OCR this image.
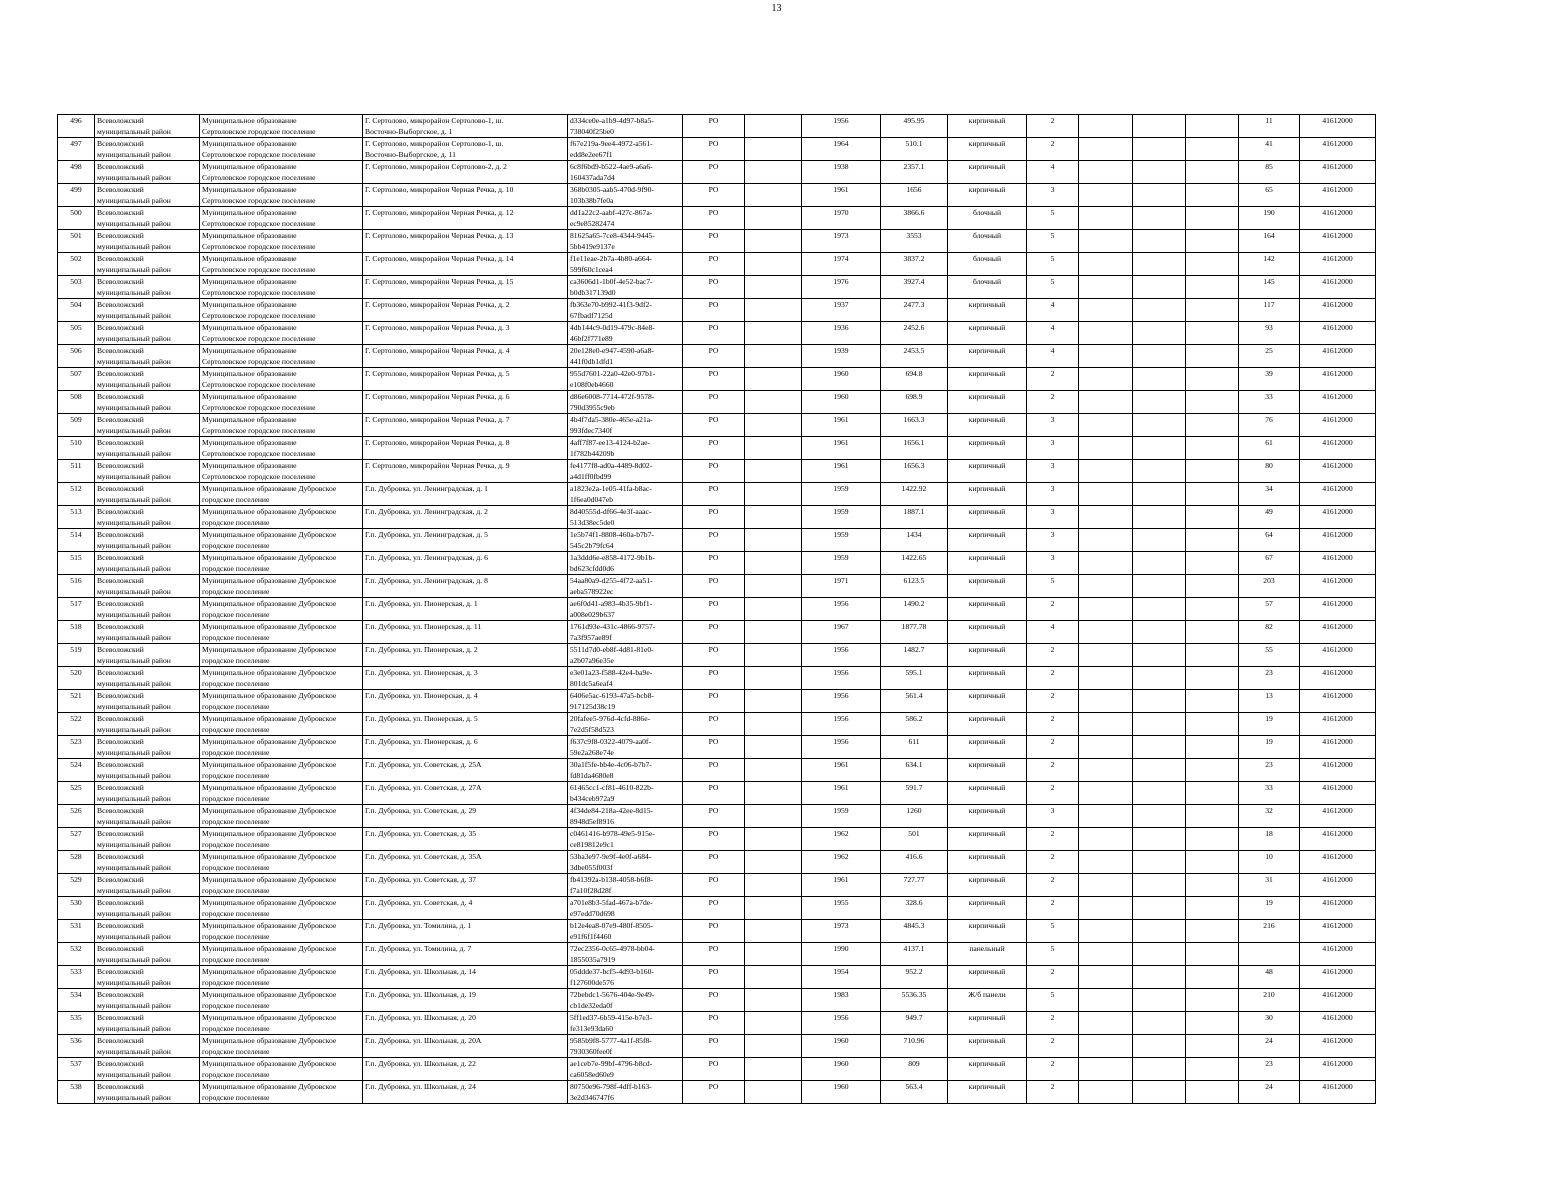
13
496	Всеволожский
муниципальный район	Муниципальное образование
Сертоловское городское поселение	Г. Сертолово, микрорайон Сертолово-1, ш.
Восточно-Выборгское, д. 1	d334ce0e-a1b9-4d97-b8a5-
738040f25be0	РО		1956	495.95	кирпичный	2				11	41612000
497	Всеволожский
муниципальный район	Муниципальное образование
Сертоловское городское поселение	Г. Сертолово, микрорайон Сертолово-1, ш.
Восточно-Выборгское, д. 11	f67e219a-9ee4-4972-a561-
edd8e2ee67f1	РО		1964	510.1	кирпичный	2				41	41612000
498	Всеволожский
муниципальный район	Муниципальное образование
Сертоловское городское поселение	Г. Сертолово, микрорайон Сертолово-2, д. 2	6c8f6bd9-b522-4ae9-a6a6-
160437ada7d4	РО		1938	2357.1	кирпичный	4				85	41612000
499	Всеволожский
муниципальный район	Муниципальное образование
Сертоловское городское поселение	Г. Сертолово, микрорайон Черная Речка, д. 10	368b0305-aab5-470d-9f90-
103b38b7fe0a	РО		1961	1656	кирпичный	3				65	41612000
500	Всеволожский
муниципальный район	Муниципальное образование
Сертоловское городское поселение	Г. Сертолово, микрорайон Черная Речка, д. 12	dd1a22c2-aabf-427c-867a-
ec9e85282474	РО		1970	3866.6	блочный	5				190	41612000
501	Всеволожский
муниципальный район	Муниципальное образование
Сертоловское городское поселение	Г. Сертолово, микрорайон Черная Речка, д. 13	81625a65-7ce8-4344-9445-
5bb419e9137e	РО		1973	3553	блочный	5				164	41612000
502	Всеволожский
муниципальный район	Муниципальное образование
Сертоловское городское поселение	Г. Сертолово, микрорайон Черная Речка, д. 14	f1e11eae-2b7a-4b80-a664-
599f60c1cea4	РО		1974	3837.2	блочный	5				142	41612000
503	Всеволожский
муниципальный район	Муниципальное образование
Сертоловское городское поселение	Г. Сертолово, микрорайон Черная Речка, д. 15	ca3606d1-1b0f-4e52-bac7-
b0db317139d0	РО		1976	3927.4	блочный	5				145	41612000
504	Всеволожский
муниципальный район	Муниципальное образование
Сертоловское городское поселение	Г. Сертолово, микрорайон Черная Речка, д. 2	fb363e70-b992-41f3-9df2-
67fbadf7125d	РО		1937	2477.3	кирпичный	4				117	41612000
505	Всеволожский
муниципальный район	Муниципальное образование
Сертоловское городское поселение	Г. Сертолово, микрорайон Черная Речка, д. 3	4db144c9-0d19-479c-84e8-
46bf2f771e89	РО		1936	2452.6	кирпичный	4				93	41612000
506	Всеволожский
муниципальный район	Муниципальное образование
Сертоловское городское поселение	Г. Сертолово, микрорайон Черная Речка, д. 4	20e128e0-e947-4590-a6a8-
441f0db1dfd1	РО		1939	2453.5	кирпичный	4				25	41612000
507	Всеволожский
муниципальный район	Муниципальное образование
Сертоловское городское поселение	Г. Сертолово, микрорайон Черная Речка, д. 5	955d7601-22a0-42e0-97b1-
e108f0eb4660	РО		1960	694.8	кирпичный	2				39	41612000
508	Всеволожский
муниципальный район	Муниципальное образование
Сертоловское городское поселение	Г. Сертолово, микрорайон Черная Речка, д. 6	d86e6008-7714-472f-9578-
790d3955c9eb	РО		1960	698.9	кирпичный	2				33	41612000
509	Всеволожский
муниципальный район	Муниципальное образование
Сертоловское городское поселение	Г. Сертолово, микрорайон Черная Речка, д. 7	4b4f7da5-380e-465e-a21a-
993fdec7340f	РО		1961	1663.3	кирпичный	3				76	41612000
510	Всеволожский
муниципальный район	Муниципальное образование
Сертоловское городское поселение	Г. Сертолово, микрорайон Черная Речка, д. 8	4aff7f87-ee13-4124-b2ae-
1f782b44209b	РО		1961	1656.1	кирпичный	3				61	41612000
511	Всеволожский
муниципальный район	Муниципальное образование
Сертоловское городское поселение	Г. Сертолово, микрорайон Черная Речка, д. 9	fe4177f8-ad0a-4489-8d02-
a4d1ff0fbd99	РО		1961	1656.3	кирпичный	3				80	41612000
512	Всеволожский
муниципальный район	Муниципальное образование Дубровское
городское поселение	Г.п. Дубровка, ул. Ленинградская, д. 1	a1823e2a-1e05-41fa-b8ac-
1f6ea0d047eb	РО		1959	1422.92	кирпичный	3				34	41612000
513	Всеволожский
муниципальный район	Муниципальное образование Дубровское
городское поселение	Г.п. Дубровка, ул. Ленинградская, д. 2	8d40555d-df66-4e3f-aaac-
513d38ec5de0	РО		1959	1887.1	кирпичный	3				49	41612000
514	Всеволожский
муниципальный район	Муниципальное образование Дубровское
городское поселение	Г.п. Дубровка, ул. Ленинградская, д. 5	1e5b74f1-8808-460a-b7b7-
545c2b79fc64	РО		1959	1434	кирпичный	3				64	41612000
515	Всеволожский
муниципальный район	Муниципальное образование Дубровское
городское поселение	Г.п. Дубровка, ул. Ленинградская, д. 6	1a3ddd6e-e858-4172-9b1b-
bd623cfdd0d6	РО		1959	1422.65	кирпичный	3				67	41612000
516	Всеволожский
муниципальный район	Муниципальное образование Дубровское
городское поселение	Г.п. Дубровка, ул. Ленинградская, д. 8	54aa80a9-d255-4f72-aa51-
aeba578922ec	РО		1971	6123.5	кирпичный	5				203	41612000
517	Всеволожский
муниципальный район	Муниципальное образование Дубровское
городское поселение	Г.п. Дубровка, ул. Пионерская, д. 1	ae6f0d41-a983-4b35-9bf1-
a008e029b637	РО		1956	1490.2	кирпичный	2				57	41612000
518	Всеволожский
муниципальный район	Муниципальное образование Дубровское
городское поселение	Г.п. Дубровка, ул. Пионерская, д. 11	1761d93e-431c-4866-9757-
7a3f957ae89f	РО		1967	1877.78	кирпичный	4				82	41612000
519	Всеволожский
муниципальный район	Муниципальное образование Дубровское
городское поселение	Г.п. Дубровка, ул. Пионерская, д. 2	5511d7d0-eb8f-4d81-81e0-
a2b07a96e35e	РО		1956	1482.7	кирпичный	2				55	41612000
520	Всеволожский
муниципальный район	Муниципальное образование Дубровское
городское поселение	Г.п. Дубровка, ул. Пионерская, д. 3	e3e01a23-f588-42e4-ba9e-
801dc5a6eaf4	РО		1956	595.1	кирпичный	2				23	41612000
521	Всеволожский
муниципальный район	Муниципальное образование Дубровское
городское поселение	Г.п. Дубровка, ул. Пионерская, д. 4	6406e5ac-6193-47a5-bcb8-
917125d38c19	РО		1956	561.4	кирпичный	2				13	41612000
522	Всеволожский
муниципальный район	Муниципальное образование Дубровское
городское поселение	Г.п. Дубровка, ул. Пионерская, д. 5	20fafee5-976d-4cfd-886e-
7e2d5f58d523	РО		1956	586.2	кирпичный	2				19	41612000
523	Всеволожский
муниципальный район	Муниципальное образование Дубровское
городское поселение	Г.п. Дубровка, ул. Пионерская, д. 6	f637c9f8-0322-4079-aa0f-
59e2a268e74e	РО		1956	611	кирпичный	2				19	41612000
524	Всеволожский
муниципальный район	Муниципальное образование Дубровское
городское поселение	Г.п. Дубровка, ул. Советская, д. 25А	30a1f5fe-bb4e-4c06-b7b7-
fd81da4680e8	РО		1961	634.1	кирпичный	2				23	41612000
525	Всеволожский
муниципальный район	Муниципальное образование Дубровское
городское поселение	Г.п. Дубровка, ул. Советская, д. 27А	61465cc1-cf81-4610-822b-
b434ceb972a9	РО		1961	591.7	кирпичный	2				33	41612000
526	Всеволожский
муниципальный район	Муниципальное образование Дубровское
городское поселение	Г.п. Дубровка, ул. Советская, д. 29	4f34de84-218a-42ee-8d15-
8948d5ef8916	РО		1959	1260	кирпичный	3				32	41612000
527	Всеволожский
муниципальный район	Муниципальное образование Дубровское
городское поселение	Г.п. Дубровка, ул. Советская, д. 35	c0461416-b978-49e5-915e-
ce819812e9c1	РО		1962	501	кирпичный	2				18	41612000
528	Всеволожский
муниципальный район	Муниципальное образование Дубровское
городское поселение	Г.п. Дубровка, ул. Советская, д. 35А	53ba3e97-9e9f-4e0f-a684-
3dbe055f003f	РО		1962	416.6	кирпичный	2				10	41612000
529	Всеволожский
муниципальный район	Муниципальное образование Дубровское
городское поселение	Г.п. Дубровка, ул. Советская, д. 37	fb41392a-b138-4058-b6f8-
f7a10f28d28f	РО		1961	727.77	кирпичный	2				31	41612000
530	Всеволожский
муниципальный район	Муниципальное образование Дубровское
городское поселение	Г.п. Дубровка, ул. Советская, д. 4	a701e8b3-5fad-467a-b7de-
e97edd70d698	РО		1955	328.6	кирпичный	2				19	41612000
531	Всеволожский
муниципальный район	Муниципальное образование Дубровское
городское поселение	Г.п. Дубровка, ул. Томилина, д. 1	b12e4ea8-07e9-480f-8505-
e91f6f1f4460	РО		1973	4845.3	кирпичный	5				216	41612000
532	Всеволожский
муниципальный район	Муниципальное образование Дубровское
городское поселение	Г.п. Дубровка, ул. Томилина, д. 7	72ec2356-0c65-4978-bb04-
1855035a7919	РО		1990	4137.1	панельный	5					41612000
533	Всеволожский
муниципальный район	Муниципальное образование Дубровское
городское поселение	Г.п. Дубровка, ул. Школьная, д. 14	05ddde37-bcf5-4d93-b160-
f127600de576	РО		1954	952.2	кирпичный	2				48	41612000
534	Всеволожский
муниципальный район	Муниципальное образование Дубровское
городское поселение	Г.п. Дубровка, ул. Школьная, д. 19	72bebdc1-5676-404e-9e49-
cb1de32eda0f	РО		1983	5536.35	Ж/б панели	5				210	41612000
535	Всеволожский
муниципальный район	Муниципальное образование Дубровское
городское поселение	Г.п. Дубровка, ул. Школьная, д. 20	5ff1ed37-6b59-415e-b7e3-
fe313e93da60	РО		1956	949.7	кирпичный	2				30	41612000
536	Всеволожский
муниципальный район	Муниципальное образование Дубровское
городское поселение	Г.п. Дубровка, ул. Школьная, д. 20А	9585b9f8-5777-4a1f-85f8-
7930360fee0f	РО		1960	710.96	кирпичный	2				24	41612000
537	Всеволожский
муниципальный район	Муниципальное образование Дубровское
городское поселение	Г.п. Дубровка, ул. Школьная, д. 22	ae1ceb7e-99bf-4796-b8cd-
ca6058ed60e9	РО		1960	809	кирпичный	2				23	41612000
538	Всеволожский
муниципальный район	Муниципальное образование Дубровское
городское поселение	Г.п. Дубровка, ул. Школьная, д. 24	80750e96-798f-4dff-b163-
3e2d346747f6	РО		1960	563.4	кирпичный	2				24	41612000
